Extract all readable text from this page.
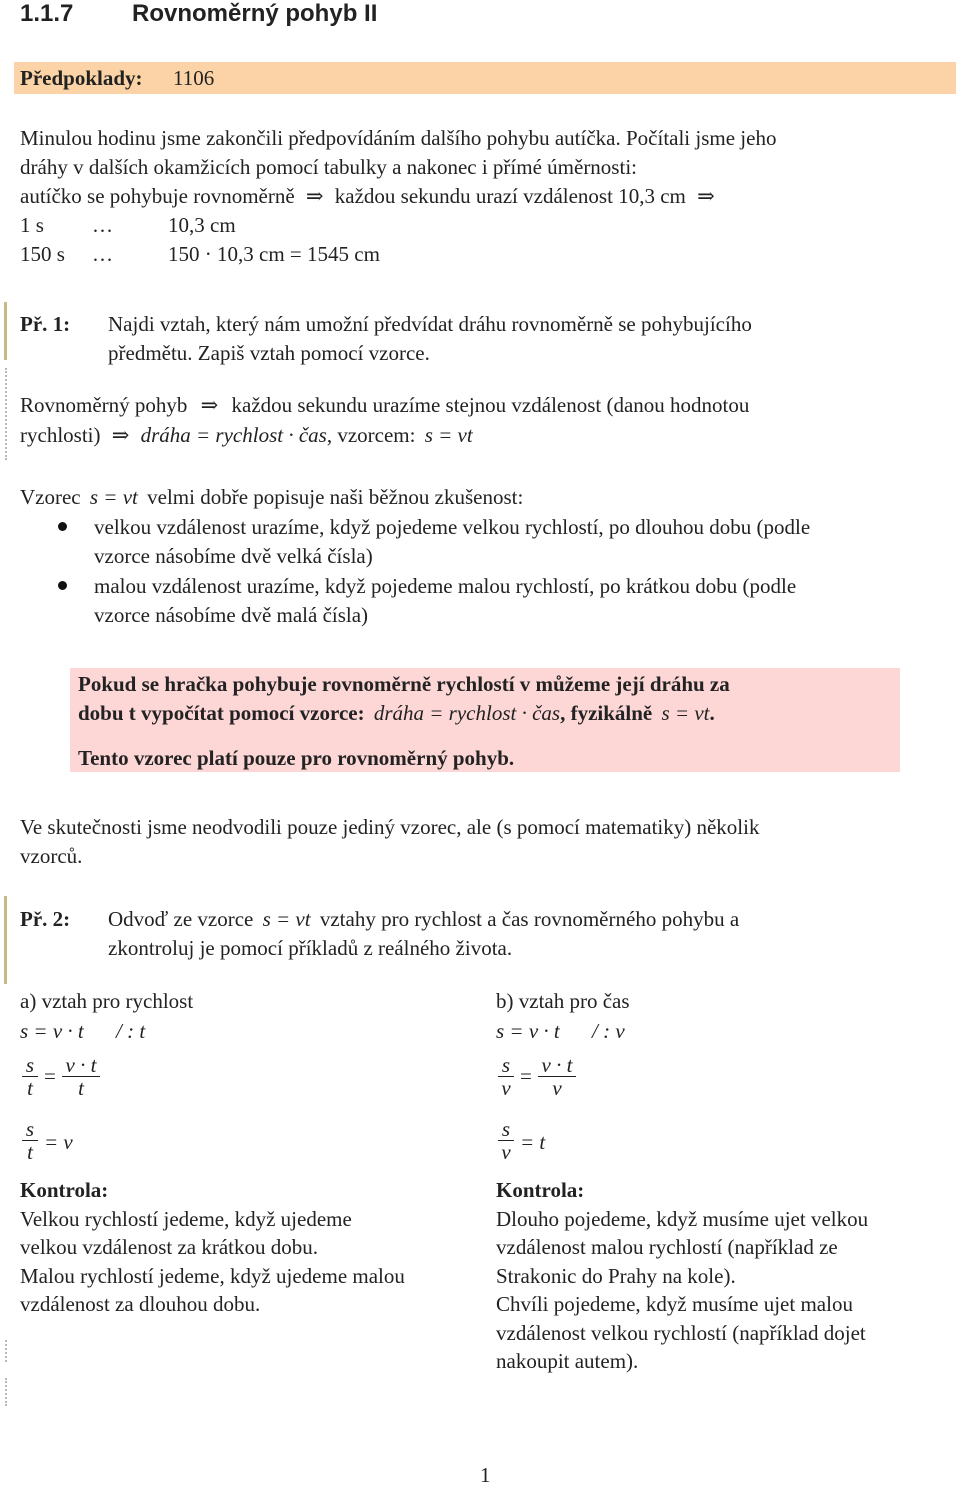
1.1.7 Rovnoměrný pohyb II
Předpoklady: 1106
Minulou hodinu jsme zakončili předpovídáním dalšího pohybu autíčka. Počítali jsme jeho
dráhy v dalších okamžicích pomocí tabulky a nakonec i přímé úměrnosti:
autíčko se pohybuje rovnoměrně ⇒ každou sekundu urazí vzdálenost 10,3 cm ⇒
1 s …	10,3 cm
150 s …	150 · 10,3 cm = 1545 cm
Př. 1: Najdi vztah, který nám umožní předvídat dráhu rovnoměrně se pohybujícího
předmětu. Zapiš vztah pomocí vzorce.
Rovnoměrný pohyb ⇒ každou sekundu urazíme stejnou vzdálenost (danou hodnotou
rychlosti) ⇒ dráha = rychlost · čas, vzorcem: s = vt
Vzorec s = vt velmi dobře popisuje naši běžnou zkušenost:
velkou vzdálenost urazíme, když pojedeme velkou rychlostí, po dlouhou dobu (podle
vzorce násobíme dvě velká čísla)
malou vzdálenost urazíme, když pojedeme malou rychlostí, po krátkou dobu (podle
vzorce násobíme dvě malá čísla)
Pokud se hračka pohybuje rovnoměrně rychlostí v můžeme její dráhu za
dobu t vypočítat pomocí vzorce: dráha = rychlost · čas, fyzikálně s = vt.
Tento vzorec platí pouze pro rovnoměrný pohyb.
Ve skutečnosti jsme neodvodili pouze jediný vzorec, ale (s pomocí matematiky) několik
vzorců.
Př. 2: Odvoď ze vzorce s = vt vztahy pro rychlost a čas rovnoměrného pohybu a
zkontroluj je pomocí příkladů z reálného života.
a) vztah pro rychlost
s = v · t / : t
s
t = v · t
t
s
t = v
Kontrola:
Velkou rychlostí jedeme, když ujedeme
velkou vzdálenost za krátkou dobu.
Malou rychlostí jedeme, když ujedeme malou
vzdálenost za dlouhou dobu.
b) vztah pro čas
s = v · t / : v
s
v = v · t
v
s
v = t
Kontrola:
Dlouho pojedeme, když musíme ujet velkou
vzdálenost malou rychlostí (například ze
Strakonic do Prahy na kole).
Chvíli pojedeme, když musíme ujet malou
vzdálenost velkou rychlostí (například dojet
nakoupit autem).
1
